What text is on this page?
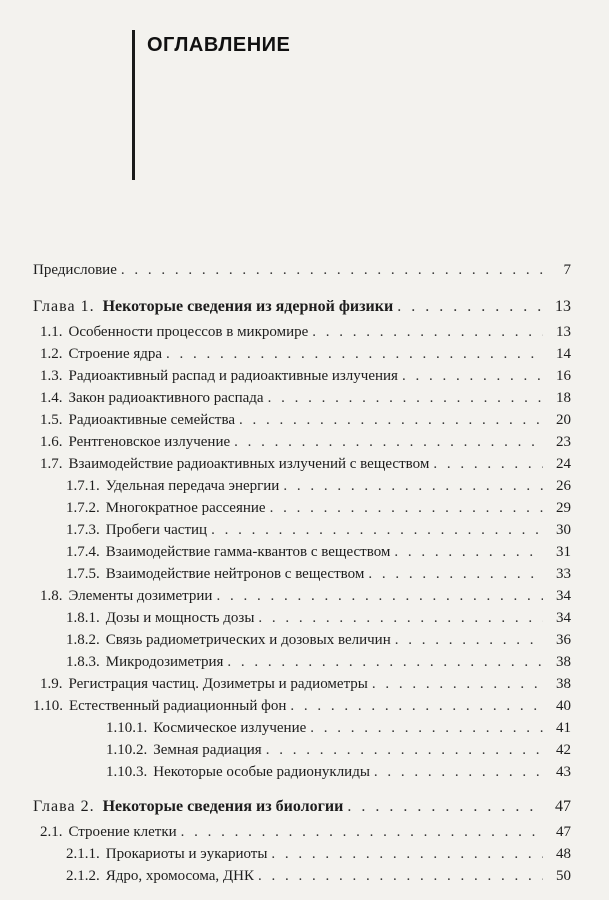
ОГЛАВЛЕНИЕ
Предисловие . . .	7
Глава 1. Некоторые сведения из ядерной физики . . .	13
1.1. Особенности процессов в микромире . . .	13
1.2. Строение ядра . . .	14
1.3. Радиоактивный распад и радиоактивные излучения . . .	16
1.4. Закон радиоактивного распада . . .	18
1.5. Радиоактивные семейства . . .	20
1.6. Рентгеновское излучение . . .	23
1.7. Взаимодействие радиоактивных излучений с веществом . . .	24
1.7.1. Удельная передача энергии . . .	26
1.7.2. Многократное рассеяние . . .	29
1.7.3. Пробеги частиц . . .	30
1.7.4. Взаимодействие гамма-квантов с веществом . . .	31
1.7.5. Взаимодействие нейтронов с веществом . . .	33
1.8. Элементы дозиметрии . . .	34
1.8.1. Дозы и мощность дозы . . .	34
1.8.2. Связь радиометрических и дозовых величин . . .	36
1.8.3. Микродозиметрия . . .	38
1.9. Регистрация частиц. Дозиметры и радиометры . . .	38
1.10. Естественный радиационный фон . . .	40
1.10.1. Космическое излучение . . .	41
1.10.2. Земная радиация . . .	42
1.10.3. Некоторые особые радионуклиды . . .	43
Глава 2. Некоторые сведения из биологии . . .	47
2.1. Строение клетки . . .	47
2.1.1. Прокариоты и эукариоты . . .	48
2.1.2. Ядро, хромосома, ДНК . . .	50
